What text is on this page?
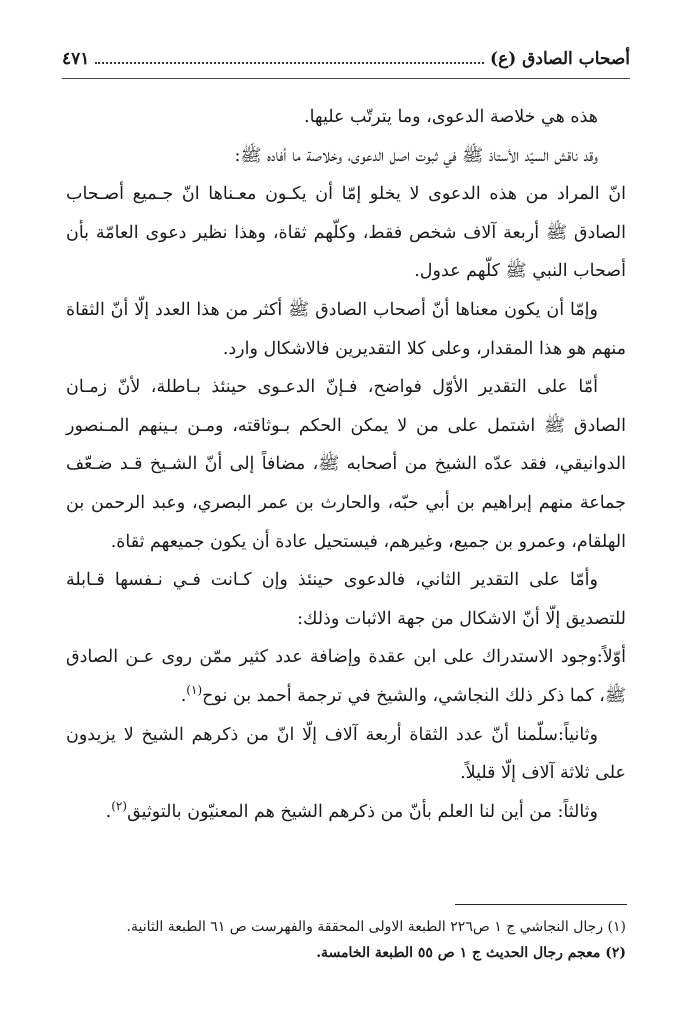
أصحاب الصادق (ع)
٤٧١

هذه هي خلاصة الدعوى، وما يترتّب عليها.

وقد ناقش السيّد الأستاذ ﷺ في ثبوت اصل الدعوى، وخلاصة ما أفاده ﷺ:

انّ المراد من هذه الدعوى لا يخلو إمّا أن يكـون معـناها انّ جـميع أصـحاب الصادق ﷺ أربعة آلاف شخص فقط، وكلّهم ثقاة، وهذا نظير دعوى العامّة بأن أصحاب النبي ﷺ كلّهم عدول.

وإمّا أن يكون معناها أنّ أصحاب الصادق ﷺ أكثر من هذا العدد إلّا أنّ الثقاة منهم هو هذا المقدار، وعلى كلا التقديرين فالاشكال وارد.

أمّا على التقدير الأوّل فواضح، فـإنّ الدعـوى حينئذ بـاطلة، لأنّ زمـان الصادق ﷺ اشتمل على من لا يمكن الحكم بـوثاقته، ومـن بـينهم المـنصور الدوانيقي، فقد عدّه الشيخ من أصحابه ﷺ، مضافاً إلى أنّ الشـيخ قـد ضـعّف جماعة منهم إبراهيم بن أبي حبّه، والحارث بن عمر البصري، وعبد الرحمن بن الهلقام، وعمرو بن جميع، وغيرهم، فيستحيل عادة أن يكون جميعهم ثقاة.

وأمّا على التقدير الثاني، فالدعوى حينئذ وإن كـانت فـي نـفسها قـابلة للتصديق إلّا أنّ الاشكال من جهة الاثبات وذلك:

أوّلاً:وجود الاستدراك على ابن عقدة وإضافة عدد كثير ممّن روى عـن الصادق ﷺ، كما ذكر ذلك النجاشي، والشيخ في ترجمة أحمد بن نوح$^{(١)}$.

وثانياً:سلّمنا أنّ عدد الثقاة أربعة آلاف إلّا انّ من ذكرهم الشيخ لا يزيدون على ثلاثة آلاف إلّا قليلاً.

وثالثاً: من أين لنا العلم بأنّ من ذكرهم الشيخ هم المعنيّون بالتوثيق$^{(٢)}$.

(١) رجال النجاشي ج ١ ص٢٢٦ الطبعة الاولى المحققة والفهرست ص ٦١ الطبعة الثانية.

(٢) معجم رجال الحديث ج ١ ص ٥٥ الطبعة الخامسة.
